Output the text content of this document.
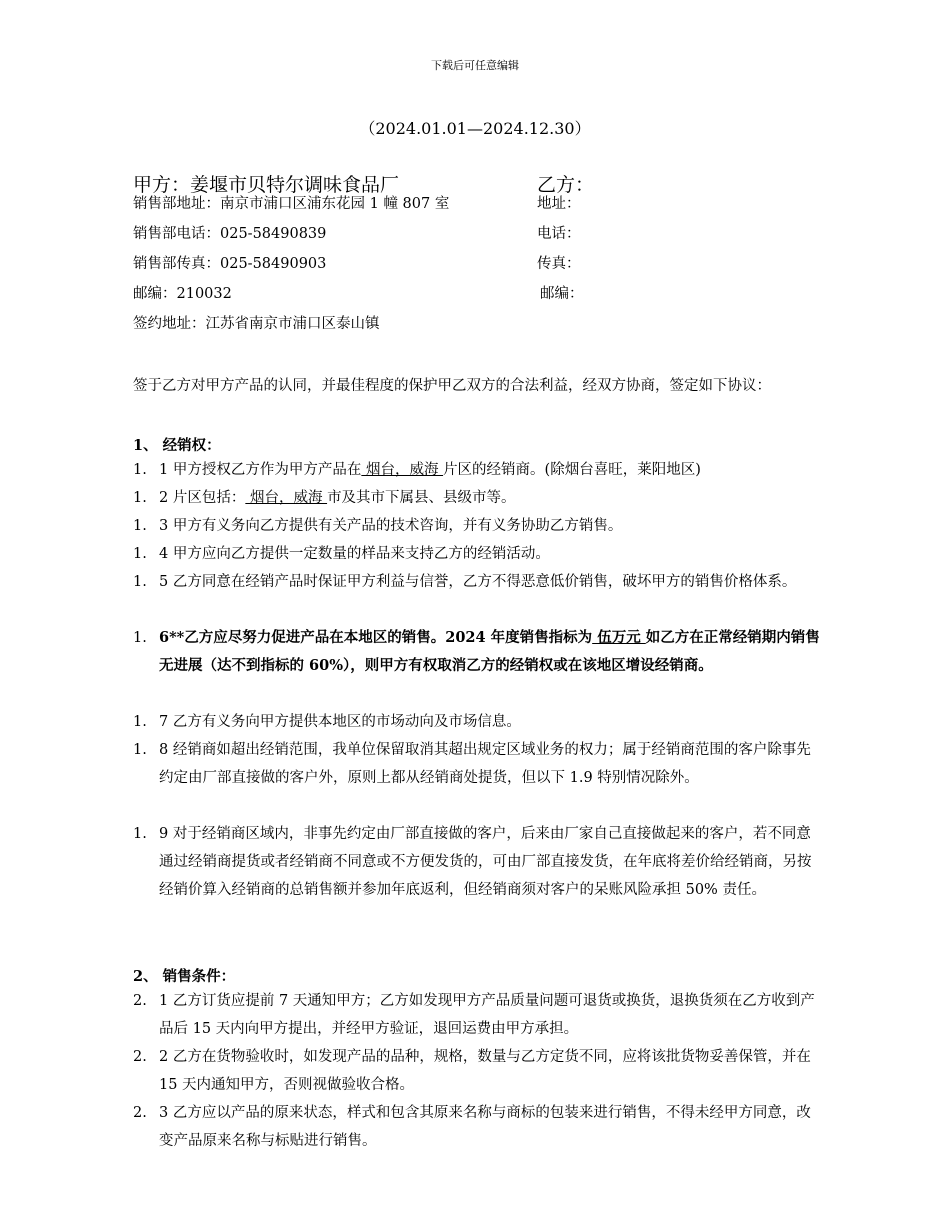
下载后可任意编辑
（2024.01.01—2024.12.30）
甲方：姜堰市贝特尔调味食品厂
销售部地址：南京市浦口区浦东花园 1 幢 807 室
销售部电话：025-58490839
销售部传真：025-58490903
邮编：210032
签约地址：江苏省南京市浦口区泰山镇
乙方：
地址：
电话：
传真：
邮编：
签于乙方对甲方产品的认同，并最佳程度的保护甲乙双方的合法利益，经双方协商，签定如下协议：
1、 经销权：
1. 1 甲方授权乙方作为甲方产品在 烟台，威海 片区的经销商。(除烟台喜旺，莱阳地区)
1. 2 片区包括： 烟台，威海 市及其市下属县、县级市等。
1. 3 甲方有义务向乙方提供有关产品的技术咨询，并有义务协助乙方销售。
1. 4 甲方应向乙方提供一定数量的样品来支持乙方的经销活动。
1. 5 乙方同意在经销产品时保证甲方利益与信誉，乙方不得恶意低价销售，破坏甲方的销售价格体系。
1. 6**乙方应尽努力促进产品在本地区的销售。2024 年度销售指标为 伍万元 如乙方在正常经销期内销售无进展（达不到指标的 60%），则甲方有权取消乙方的经销权或在该地区增设经销商。
1. 7 乙方有义务向甲方提供本地区的市场动向及市场信息。
1. 8 经销商如超出经销范围，我单位保留取消其超出规定区域业务的权力；属于经销商范围的客户除事先约定由厂部直接做的客户外，原则上都从经销商处提货，但以下 1.9 特别情况除外。
1. 9 对于经销商区域内，非事先约定由厂部直接做的客户，后来由厂家自己直接做起来的客户，若不同意通过经销商提货或者经销商不同意或不方便发货的，可由厂部直接发货，在年底将差价给经销商，另按经销价算入经销商的总销售额并参加年底返利，但经销商须对客户的呆账风险承担 50% 责任。
2、 销售条件：
2. 1 乙方订货应提前 7 天通知甲方；乙方如发现甲方产品质量问题可退货或换货，退换货须在乙方收到产品后 15 天内向甲方提出，并经甲方验证，退回运费由甲方承担。
2. 2 乙方在货物验收时，如发现产品的品种，规格，数量与乙方定货不同，应将该批货物妥善保管，并在 15 天内通知甲方，否则视做验收合格。
2. 3 乙方应以产品的原来状态，样式和包含其原来名称与商标的包装来进行销售，不得未经甲方同意，改变产品原来名称与标贴进行销售。
